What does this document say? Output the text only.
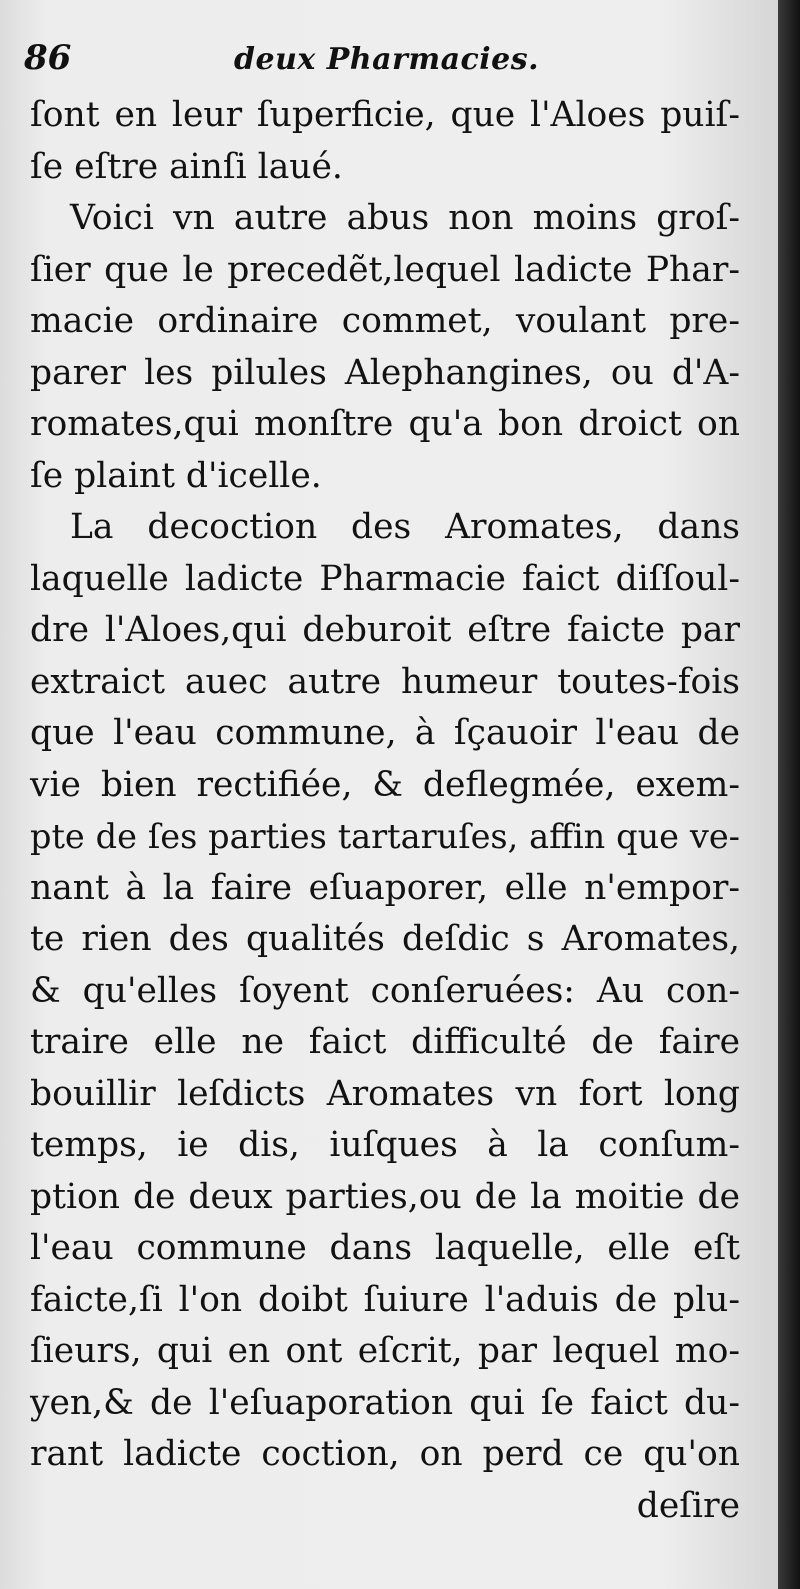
86	deux Pharmacies.
ſont en leur ſuperficie, que l'Aloes puiſ-
ſe eſtre ainſi laué.
Voici vn autre abus non moins groſ-
ſier que le precedẽt,lequel ladicte Phar-
macie ordinaire commet, voulant pre-
parer les pilules Alephangines, ou d'A-
romates,qui monſtre qu'a bon droict on
ſe plaint d'icelle.
La decoction des Aromates, dans
laquelle ladicte Pharmacie faict diſſoul-
dre l'Aloes,qui deburoit eſtre faicte par
extraict auec autre humeur toutes-fois
que l'eau commune, à ſçauoir l'eau de
vie bien rectifiée, & deflegmée, exem-
pte de ſes parties tartaruſes, affin que ve-
nant à la faire eſuaporer, elle n'empor-
te rien des qualités deſdic s Aromates,
& qu'elles ſoyent conſeruées: Au con-
traire elle ne faict difficulté de faire
bouillir leſdicts Aromates vn fort long
temps, ie dis, iuſques à la conſum-
ption de deux parties,ou de la moitie de
l'eau commune dans laquelle, elle eſt
faicte,ſi l'on doibt ſuiure l'aduis de plu-
ſieurs, qui en ont eſcrit, par lequel mo-
yen,& de l'eſuaporation qui ſe faict du-
rant ladicte coction, on perd ce qu'on
deſire
